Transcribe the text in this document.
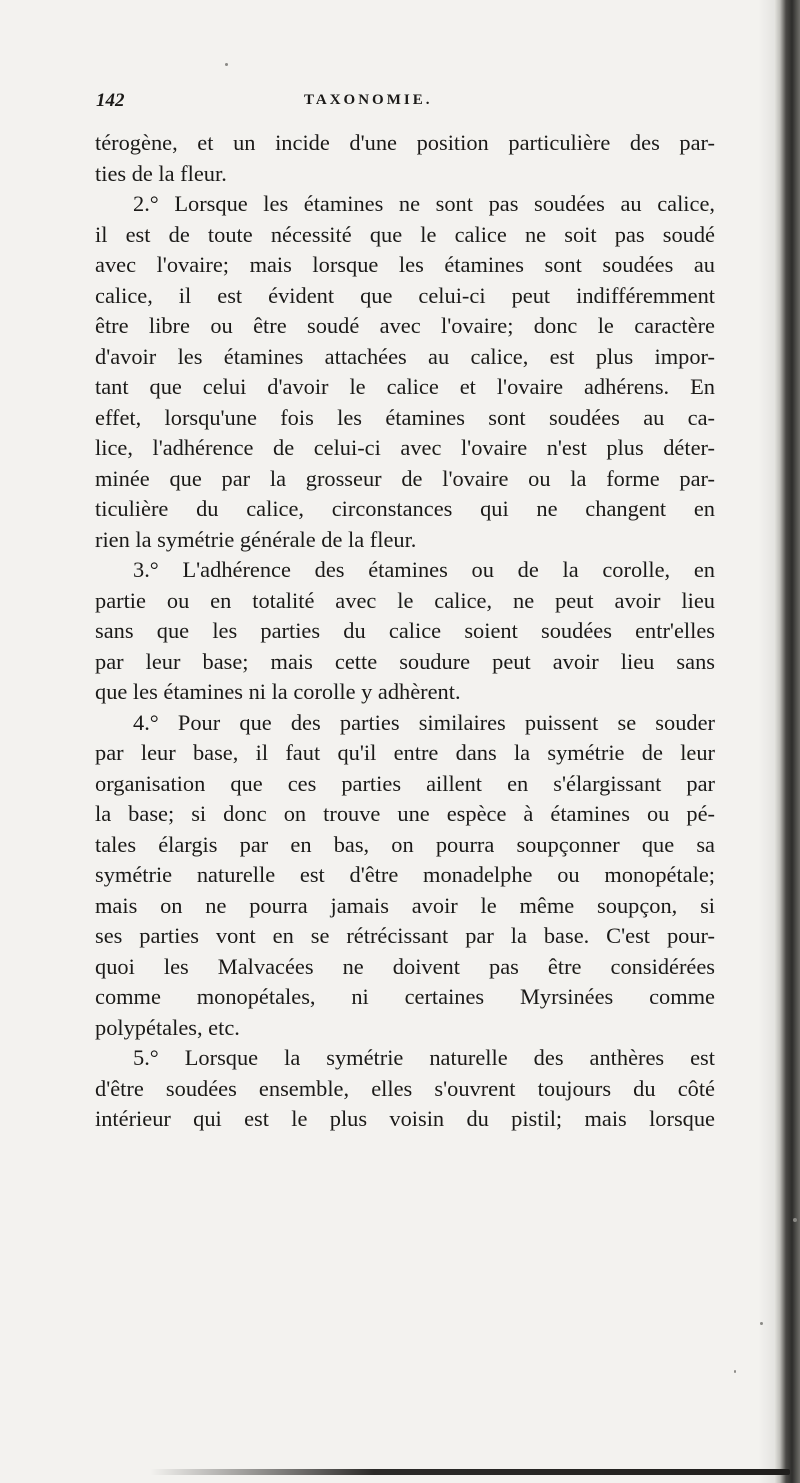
142	TAXONOMIE.
térogène, et un incide d'une position particulière des par-
ties de la fleur.
2.° Lorsque les étamines ne sont pas soudées au calice,
il est de toute nécessité que le calice ne soit pas soudé
avec l'ovaire; mais lorsque les étamines sont soudées au
calice, il est évident que celui-ci peut indifféremment
être libre ou être soudé avec l'ovaire; donc le caractère
d'avoir les étamines attachées au calice, est plus impor-
tant que celui d'avoir le calice et l'ovaire adhérens. En
effet, lorsqu'une fois les étamines sont soudées au ca-
lice, l'adhérence de celui-ci avec l'ovaire n'est plus déter-
minée que par la grosseur de l'ovaire ou la forme par-
ticulière du calice, circonstances qui ne changent en
rien la symétrie générale de la fleur.
3.° L'adhérence des étamines ou de la corolle, en
partie ou en totalité avec le calice, ne peut avoir lieu
sans que les parties du calice soient soudées entr'elles
par leur base; mais cette soudure peut avoir lieu sans
que les étamines ni la corolle y adhèrent.
4.° Pour que des parties similaires puissent se souder
par leur base, il faut qu'il entre dans la symétrie de leur
organisation que ces parties aillent en s'élargissant par
la base; si donc on trouve une espèce à étamines ou pé-
tales élargis par en bas, on pourra soupçonner que sa
symétrie naturelle est d'être monadelphe ou monopétale;
mais on ne pourra jamais avoir le même soupçon, si
ses parties vont en se rétrécissant par la base. C'est pour-
quoi les Malvacées ne doivent pas être considérées
comme monopétales, ni certaines Myrsinées comme
polypétales, etc.
5.° Lorsque la symétrie naturelle des anthères est
d'être soudées ensemble, elles s'ouvrent toujours du côté
intérieur qui est le plus voisin du pistil; mais lorsque
